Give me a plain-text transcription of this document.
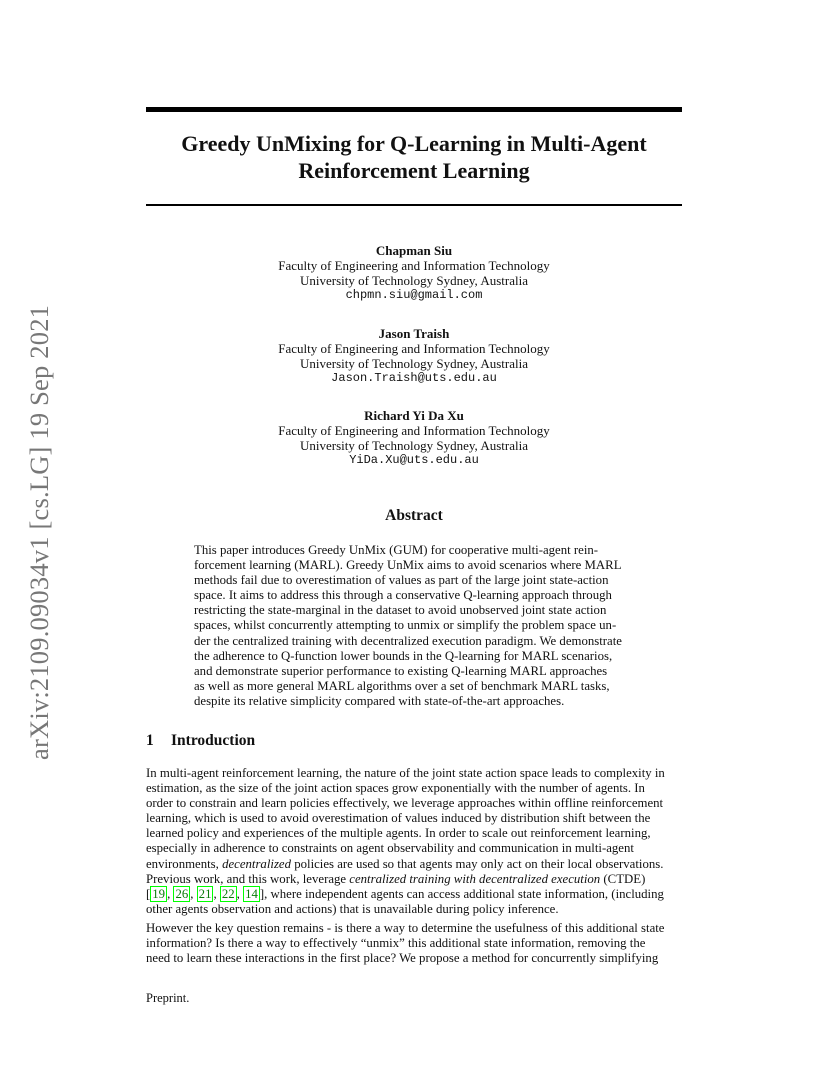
arXiv:2109.09034v1 [cs.LG] 19 Sep 2021
Greedy UnMixing for Q-Learning in Multi-Agent
Reinforcement Learning
Chapman Siu
Faculty of Engineering and Information Technology
University of Technology Sydney, Australia
chpmn.siu@gmail.com
Jason Traish
Faculty of Engineering and Information Technology
University of Technology Sydney, Australia
Jason.Traish@uts.edu.au
Richard Yi Da Xu
Faculty of Engineering and Information Technology
University of Technology Sydney, Australia
YiDa.Xu@uts.edu.au
Abstract
This paper introduces Greedy UnMix (GUM) for cooperative multi-agent rein-
forcement learning (MARL). Greedy UnMix aims to avoid scenarios where MARL
methods fail due to overestimation of values as part of the large joint state-action
space. It aims to address this through a conservative Q-learning approach through
restricting the state-marginal in the dataset to avoid unobserved joint state action
spaces, whilst concurrently attempting to unmix or simplify the problem space un-
der the centralized training with decentralized execution paradigm. We demonstrate
the adherence to Q-function lower bounds in the Q-learning for MARL scenarios,
and demonstrate superior performance to existing Q-learning MARL approaches
as well as more general MARL algorithms over a set of benchmark MARL tasks,
despite its relative simplicity compared with state-of-the-art approaches.
1 Introduction
In multi-agent reinforcement learning, the nature of the joint state action space leads to complexity in
estimation, as the size of the joint action spaces grow exponentially with the number of agents. In
order to constrain and learn policies effectively, we leverage approaches within offline reinforcement
learning, which is used to avoid overestimation of values induced by distribution shift between the
learned policy and experiences of the multiple agents. In order to scale out reinforcement learning,
especially in adherence to constraints on agent observability and communication in multi-agent
environments, decentralized policies are used so that agents may only act on their local observations.
Previous work, and this work, leverage centralized training with decentralized execution (CTDE)
[ 19 , 26 , 21 , 22 , 14 ], where independent agents can access additional state information, (including
other agents observation and actions) that is unavailable during policy inference.
However the key question remains - is there a way to determine the usefulness of this additional state
information? Is there a way to effectively “unmix” this additional state information, removing the
need to learn these interactions in the first place? We propose a method for concurrently simplifying
Preprint.
